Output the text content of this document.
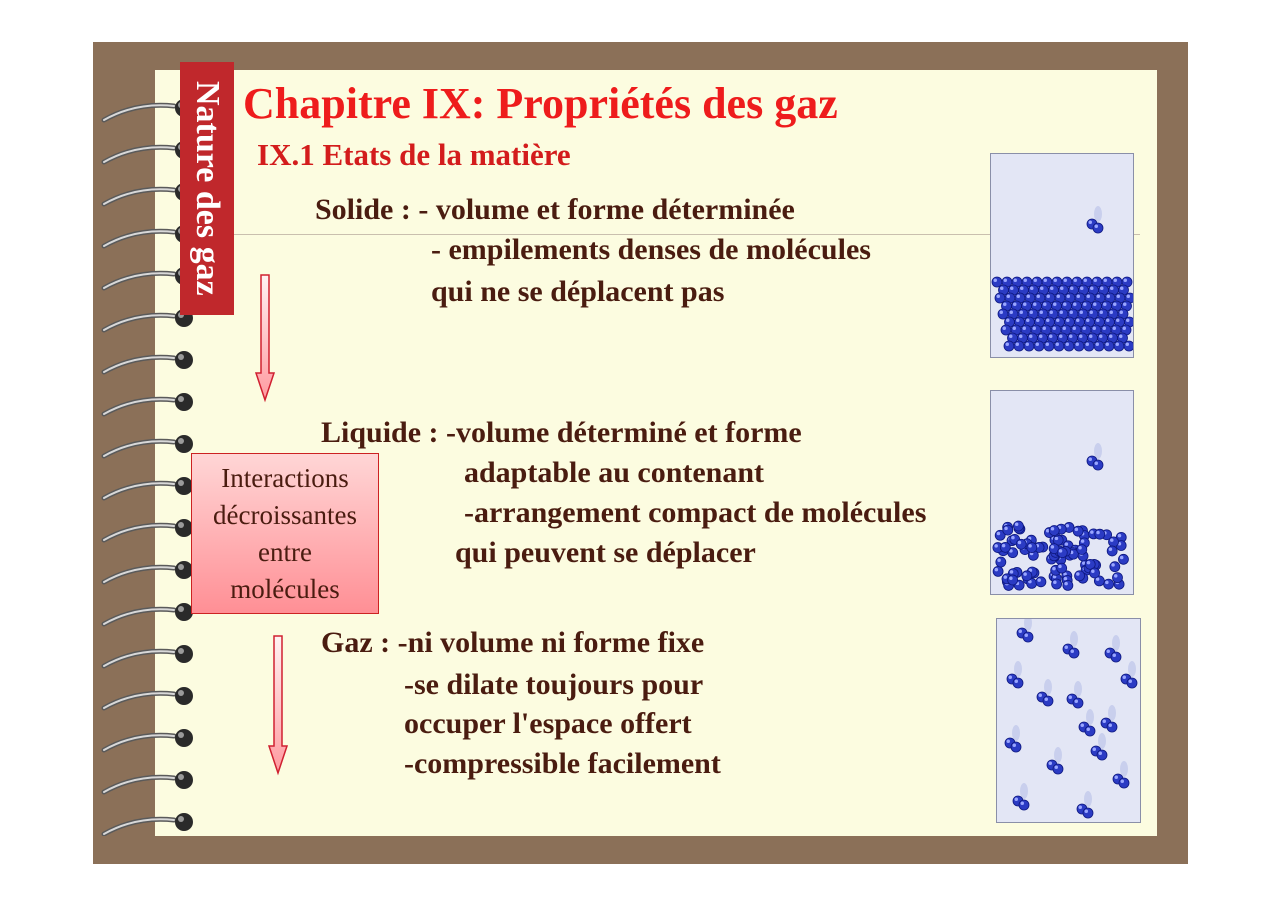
Nature des gaz Chapitre IX: Propriétés des gaz
IX.1 Etats de la matière
Solide : - volume et forme déterminée
- empilements denses de molécules
qui ne se déplacent pas
Liquide : -volume déterminé et forme
adaptable au contenant
-arrangement compact de molécules
qui peuvent se déplacer
Gaz : -ni volume ni forme fixe
-se dilate toujours pour
occuper l'espace offert
-compressible facilement
Interactions
décroissantes
entre
molécules
